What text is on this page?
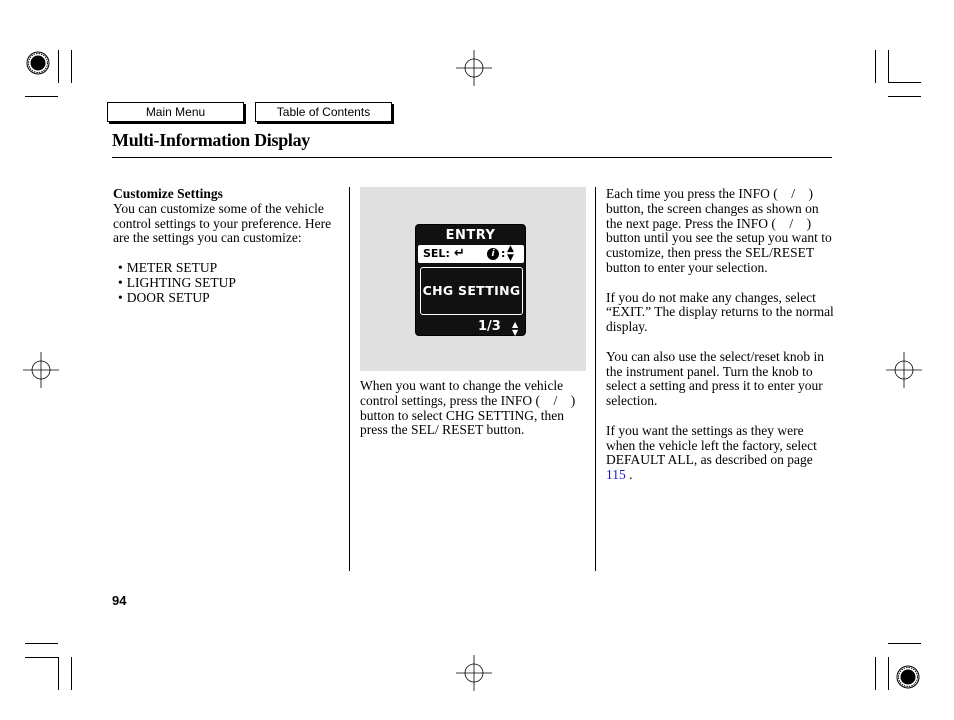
Main Menu	Table of Contents
Multi-Information Display
Customize Settings

You can customize some of the vehicle control settings to your preference. Here are the settings you can customize:

• METER SETUP
• LIGHTING SETUP
• DOOR SETUP
ENTRY
SEL: ↵	i : ▲
▼
CHG SETTING
1/3 ▲
▼

When you want to change the vehicle control settings, press the INFO ( / ) button to select CHG SETTING, then press the SEL/ RESET button.

Each time you press the INFO ( / ) button, the screen changes as shown on the next page. Press the INFO ( / ) button until you see the setup you want to customize, then press the SEL/RESET button to enter your selection.

If you do not make any changes, select “EXIT.” The display returns to the normal display.

You can also use the select/reset knob in the instrument panel. Turn the knob to select a setting and press it to enter your selection.

If you want the settings as they were when the vehicle left the factory, select DEFAULT ALL, as described on page 115 .

94
